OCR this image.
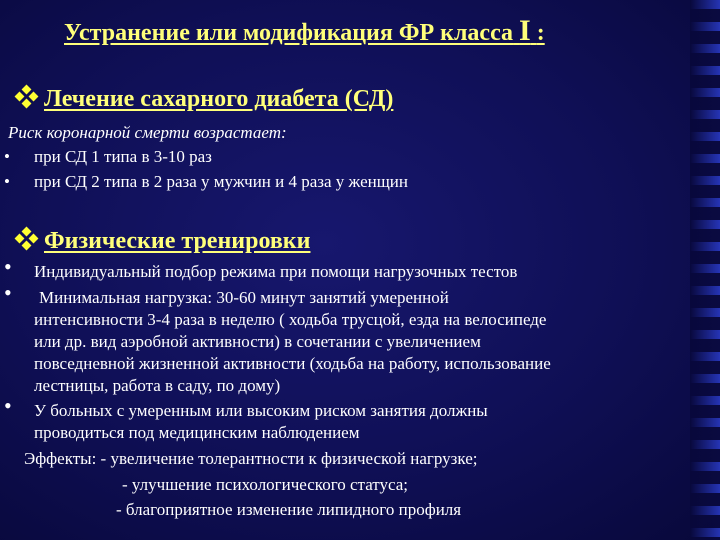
Устранение или модификация ФР класса I :
Лечение сахарного диабета (СД)
Риск коронарной смерти возрастает:
• при СД 1 типа в 3-10 раз
• при СД 2 типа в 2 раза у мужчин и 4 раза у женщин
Физические тренировки
• Индивидуальный подбор режима при помощи нагрузочных тестов
• Минимальная нагрузка: 30-60 минут занятий умеренной
интенсивности 3-4 раза в неделю ( ходьба трусцой, езда на велосипеде
или др. вид аэробной активности) в сочетании с увеличением
повседневной жизненной активности (ходьба на работу, использование
лестницы, работа в саду, по дому)
• У больных с умеренным или высоким риском занятия должны
проводиться под медицинским наблюдением
Эффекты: - увеличение толерантности к физической нагрузке;
- улучшение психологического статуса;
- благоприятное изменение липидного профиля
